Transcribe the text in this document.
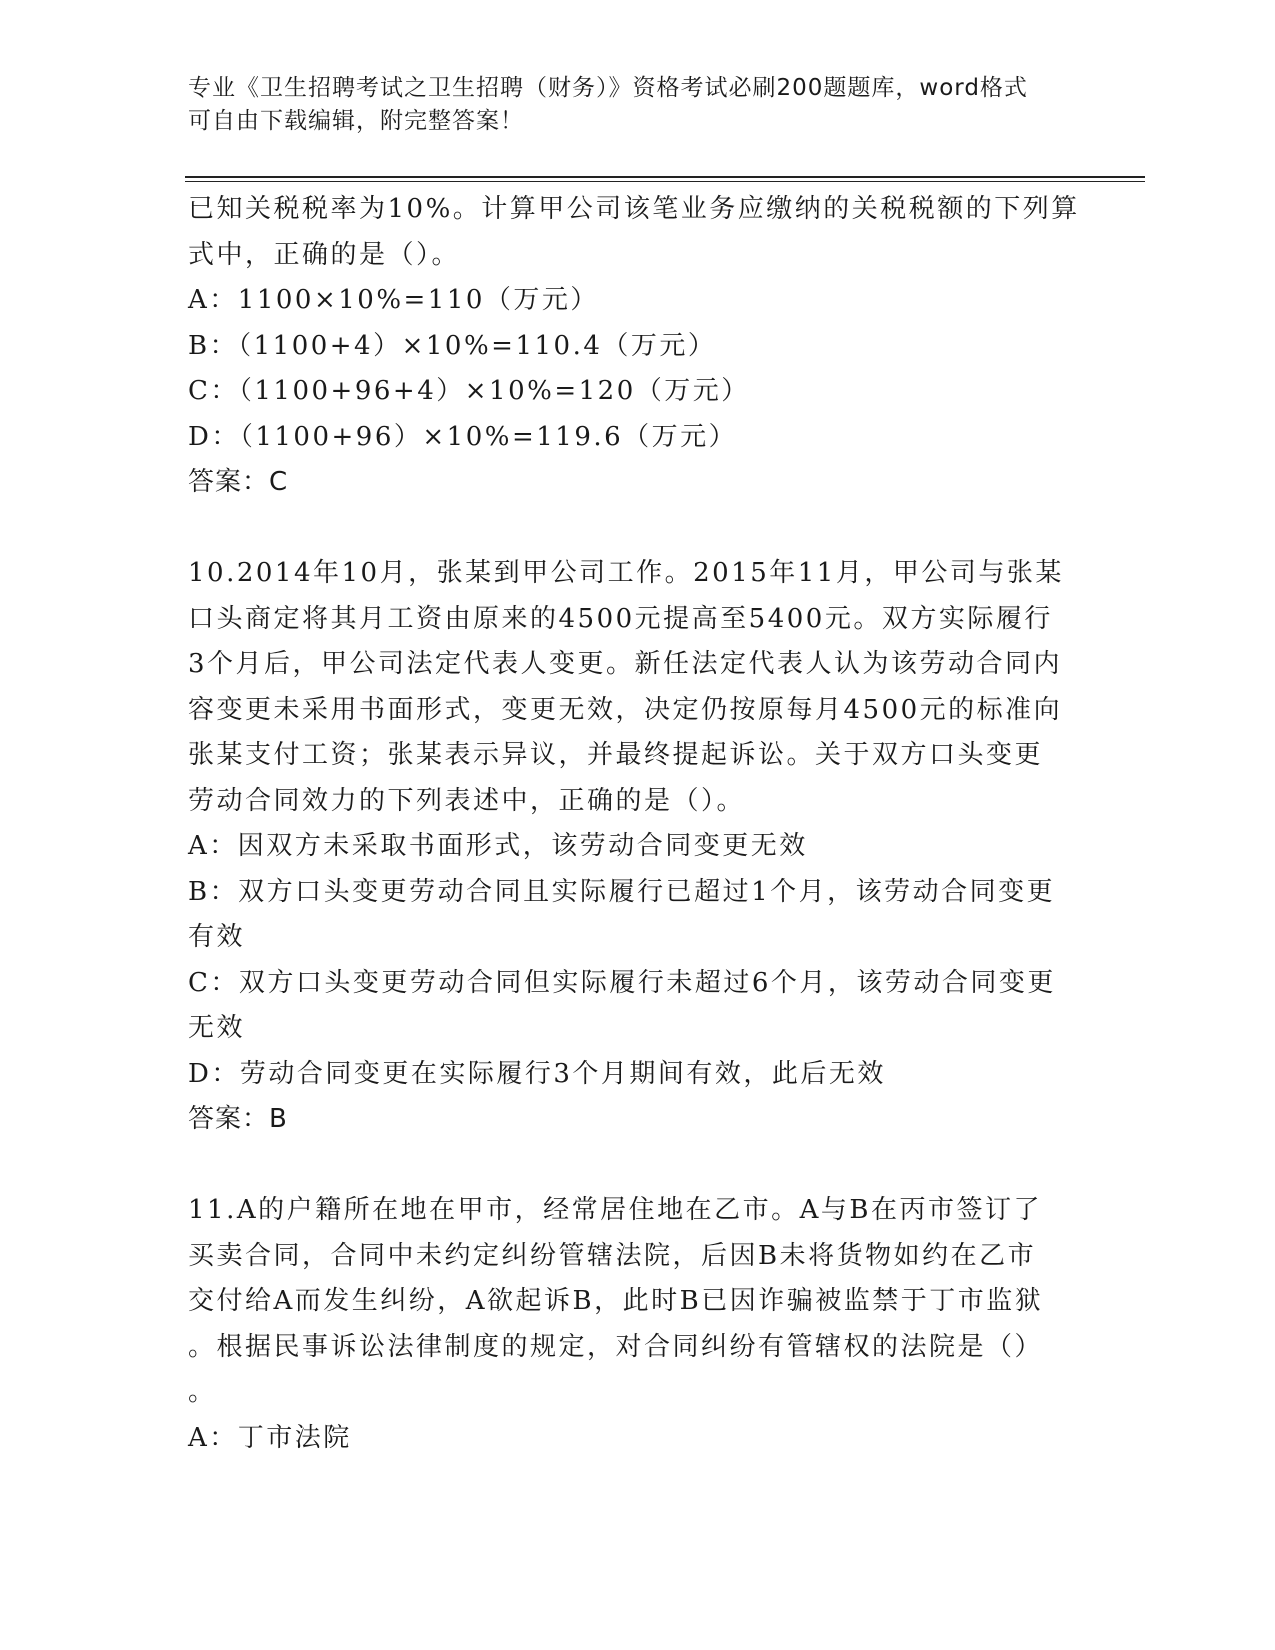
专业《卫生招聘考试之卫生招聘（财务）》资格考试必刷200题题库，word格式
可自由下载编辑，附完整答案！
已知关税税率为10%。计算甲公司该笔业务应缴纳的关税税额的下列算
式中，正确的是（）。
A：1100×10%=110（万元）
B：（1100+4）×10%=110.4（万元）
C：（1100+96+4）×10%=120（万元）
D：（1100+96）×10%=119.6（万元）
答案：C
10.2014年10月，张某到甲公司工作。2015年11月，甲公司与张某
口头商定将其月工资由原来的4500元提高至5400元。双方实际履行
3个月后，甲公司法定代表人变更。新任法定代表人认为该劳动合同内
容变更未采用书面形式，变更无效，决定仍按原每月4500元的标准向
张某支付工资；张某表示异议，并最终提起诉讼。关于双方口头变更
劳动合同效力的下列表述中，正确的是（）。
A：因双方未采取书面形式，该劳动合同变更无效
B：双方口头变更劳动合同且实际履行已超过1个月，该劳动合同变更
有效
C：双方口头变更劳动合同但实际履行未超过6个月，该劳动合同变更
无效
D：劳动合同变更在实际履行3个月期间有效，此后无效
答案：B
11.A的户籍所在地在甲市，经常居住地在乙市。A与B在丙市签订了
买卖合同，合同中未约定纠纷管辖法院，后因B未将货物如约在乙市
交付给A而发生纠纷，A欲起诉B，此时B已因诈骗被监禁于丁市监狱
。根据民事诉讼法律制度的规定，对合同纠纷有管辖权的法院是（）
。
A：丁市法院
